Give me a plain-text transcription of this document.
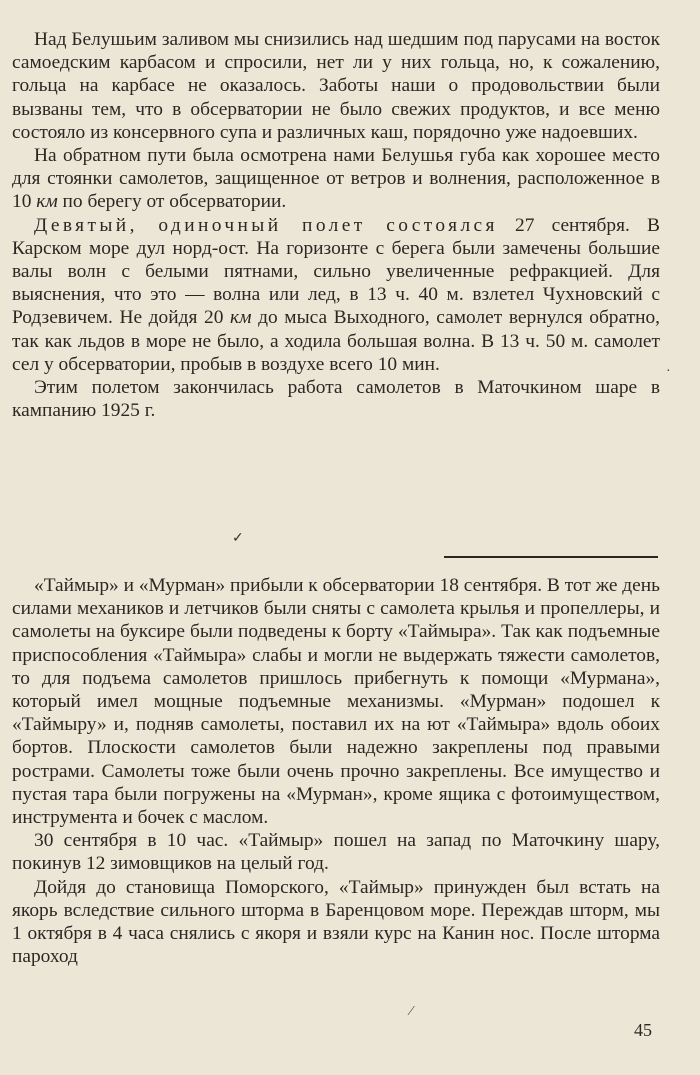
Над Белушьим заливом мы снизились над шедшим под парусами на восток самоедским карбасом и спросили, нет ли у них гольца, но, к сожалению, гольца на карбасе не оказалось. Заботы наши о продовольствии были вызваны тем, что в обсерватории не было свежих продуктов, и все меню состояло из консервного супа и различных каш, порядочно уже надоевших.

На обратном пути была осмотрена нами Белушья губа как хорошее место для стоянки самолетов, защищенное от ветров и волнения, расположенное в 10 км по берегу от обсерватории.

Девятый, одиночный полет состоялся 27 сентября. В Карском море дул норд-ост. На горизонте с берега были замечены большие валы волн с белыми пятнами, сильно увеличенные рефракцией. Для выяснения, что это — волна или лед, в 13 ч. 40 м. взлетел Чухновский с Родзевичем. Не дойдя 20 км до мыса Выходного, самолет вернулся обратно, так как льдов в море не было, а ходила большая волна. В 13 ч. 50 м. самолет сел у обсерватории, пробыв в воздухе всего 10 мин.

Этим полетом закончилась работа самолетов в Маточкином шаре в кампанию 1925 г.

«Таймыр» и «Мурман» прибыли к обсерватории 18 сентября. В тот же день силами механиков и летчиков были сняты с самолета крылья и пропеллеры, и самолеты на буксире были подведены к борту «Таймыра». Так как подъемные приспособления «Таймыра» слабы и могли не выдержать тяжести самолетов, то для подъема самолетов пришлось прибегнуть к помощи «Мурмана», который имел мощные подъемные механизмы. «Мурман» подошел к «Таймыру» и, подняв самолеты, поставил их на ют «Таймыра» вдоль обоих бортов. Плоскости самолетов были надежно закреплены под правыми рострами. Самолеты тоже были очень прочно закреплены. Все имущество и пустая тара были погружены на «Мурман», кроме ящика с фотоимуществом, инструмента и бочек с маслом.

30 сентября в 10 час. «Таймыр» пошел на запад по Маточкину шару, покинув 12 зимовщиков на целый год.

Дойдя до становища Поморского, «Таймыр» принужден был встать на якорь вследствие сильного шторма в Баренцовом море. Переждав шторм, мы 1 октября в 4 часа снялись с якоря и взяли курс на Канин нос. После шторма пароход

45
✓
⁄
·
